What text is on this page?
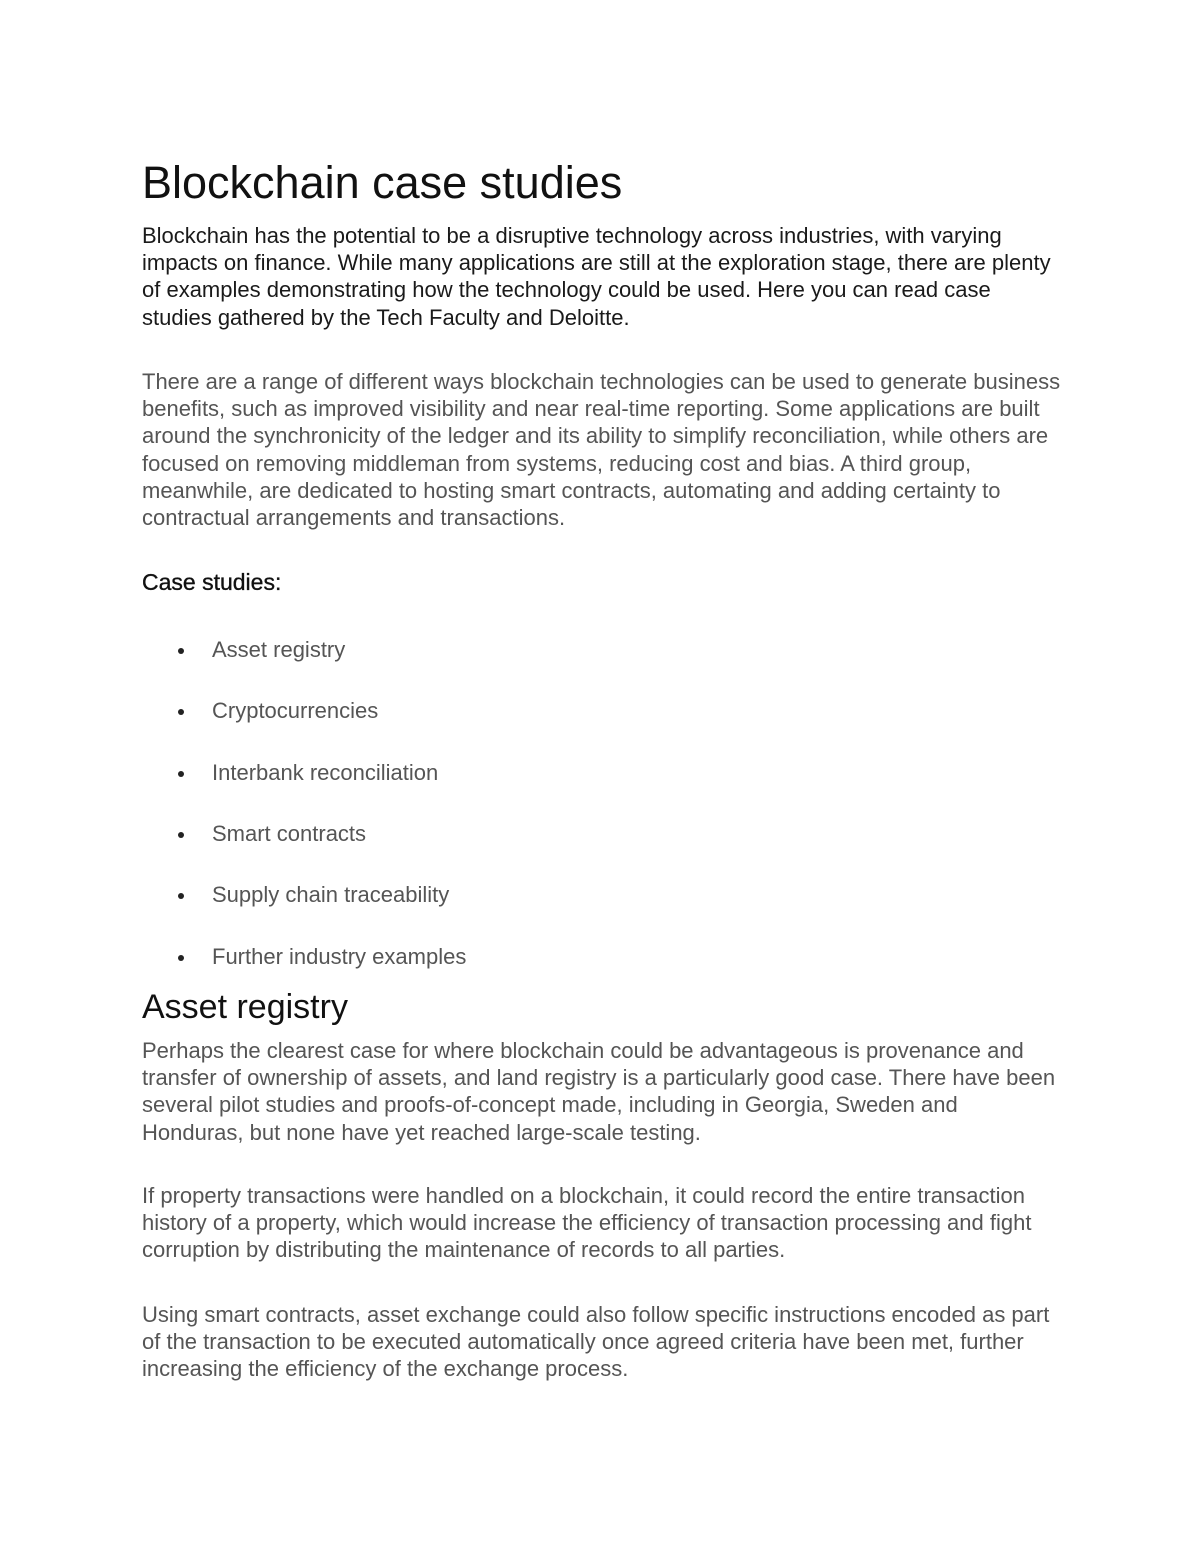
Blockchain case studies

Blockchain has the potential to be a disruptive technology across industries, with varying impacts on finance. While many applications are still at the exploration stage, there are plenty of examples demonstrating how the technology could be used. Here you can read case studies gathered by the Tech Faculty and Deloitte.

There are a range of different ways blockchain technologies can be used to generate business benefits, such as improved visibility and near real-time reporting. Some applications are built around the synchronicity of the ledger and its ability to simplify reconciliation, while others are focused on removing middleman from systems, reducing cost and bias. A third group, meanwhile, are dedicated to hosting smart contracts, automating and adding certainty to contractual arrangements and transactions.

Case studies:
Asset registry
Cryptocurrencies
Interbank reconciliation
Smart contracts
Supply chain traceability
Further industry examples
Asset registry

Perhaps the clearest case for where blockchain could be advantageous is provenance and transfer of ownership of assets, and land registry is a particularly good case. There have been several pilot studies and proofs-of-concept made, including in Georgia, Sweden and Honduras, but none have yet reached large-scale testing.

If property transactions were handled on a blockchain, it could record the entire transaction history of a property, which would increase the efficiency of transaction processing and fight corruption by distributing the maintenance of records to all parties.

Using smart contracts, asset exchange could also follow specific instructions encoded as part of the transaction to be executed automatically once agreed criteria have been met, further increasing the efficiency of the exchange process.
